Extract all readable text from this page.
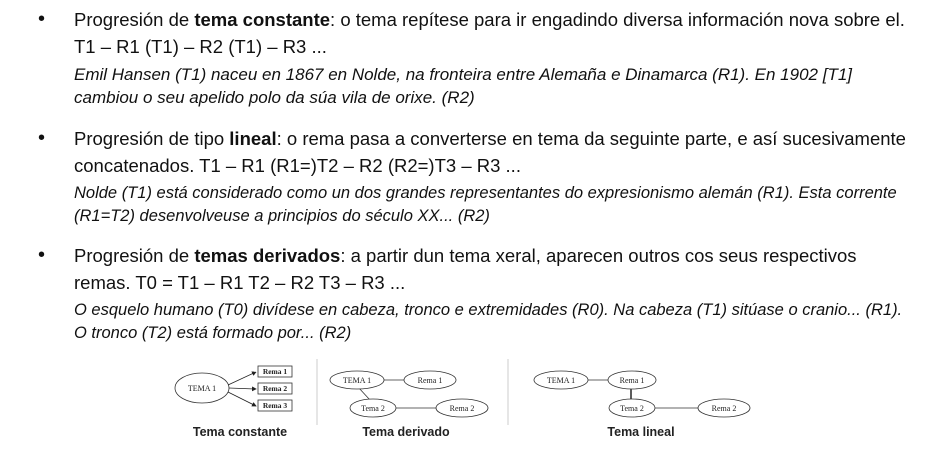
• Progresión de tema constante: o tema repítese para ir engadindo diversa información nova sobre el. T1 – R1 (T1) – R2 (T1) – R3 ...

Emil Hansen (T1) naceu en 1867 en Nolde, na fronteira entre Alemaña e Dinamarca (R1). En 1902 [T1] cambiou o seu apelido polo da súa vila de orixe. (R2)

• Progresión de tipo lineal: o rema pasa a converterse en tema da seguinte parte, e así sucesivamente concatenados. T1 – R1 (R1=)T2 – R2 (R2=)T3 – R3 ...

Nolde (T1) está considerado como un dos grandes representantes do expresionismo alemán (R1). Esta corrente (R1=T2) desenvolveuse a principios do século XX... (R2)

• Progresión de temas derivados: a partir dun tema xeral, aparecen outros cos seus respectivos remas. T0 = T1 – R1 T2 – R2 T3 – R3 ...

O esquelo humano (T0) divídese en cabeza, tronco e extremidades (R0). Na cabeza (T1) sitúase o cranio... (R1). O tronco (T2) está formado por... (R2)

TEMA 1
Rema 1
Rema 2
Rema 3
Tema constante
TEMA 1	Rema 1
Tema 2	Rema 2
Tema derivado
TEMA 1	Rema 1
Tema 2	Rema 2
Tema lineal
